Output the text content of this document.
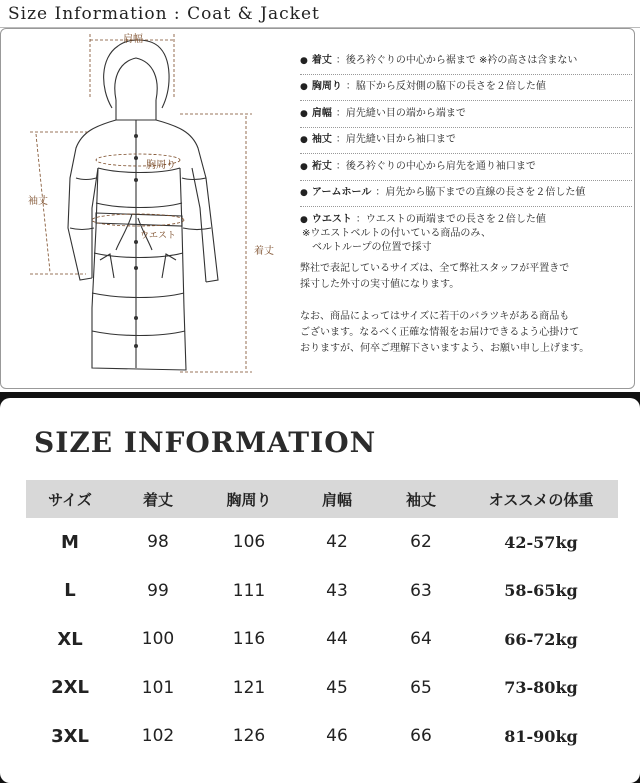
Size Information : Coat & Jacket
肩幅
胸周り
袖丈
着丈
ウエスト
● 着丈 ：後ろ衿ぐりの中心から裾まで ※衿の高さは含まない
● 胸周り ：脇下から反対側の脇下の長さを２倍した値
● 肩幅 ：肩先縫い目の端から端まで
● 袖丈 ：肩先縫い目から袖口まで
● 裄丈 ：後ろ衿ぐりの中心から肩先を通り袖口まで
● アームホール ：肩先から脇下までの直線の長さを２倍した値
● ウエスト ：ウエストの両端までの長さを２倍した値
※ウエストベルトの付いている商品のみ、
　ベルトループの位置で採寸
弊社で表記しているサイズは、全て弊社スタッフが平置きで
採寸した外寸の実寸値になります。
なお、商品によってはサイズに若干のバラツキがある商品も
ございます。なるべく正確な情報をお届けできるよう心掛けて
おりますが、何卒ご理解下さいますよう、お願い申し上げます。
SIZE INFORMATION
サイズ	着丈	胸周り	肩幅	袖丈	オススメの体重
M	98	106	42	62	42-57kg
L	99	111	43	63	58-65kg
XL	100	116	44	64	66-72kg
2XL	101	121	45	65	73-80kg
3XL	102	126	46	66	81-90kg
